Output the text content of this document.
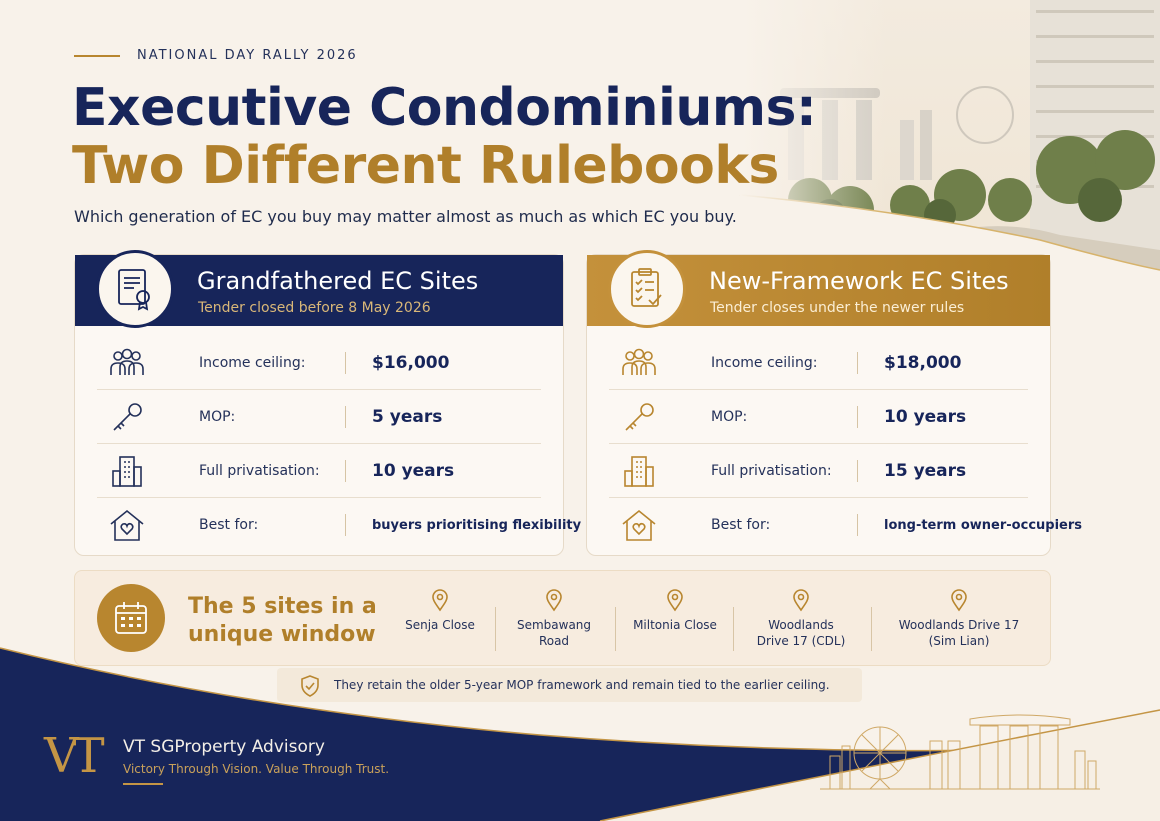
NATIONAL DAY RALLY 2026
Executive Condominiums:
Two Different Rulebooks
Which generation of EC you buy may matter almost as much as which EC you buy.
Grandfathered EC Sites
Tender closed before 8 May 2026
Income ceiling:	$16,000
MOP:	5 years
Full privatisation:	10 years
Best for:	buyers prioritising flexibility
New-Framework EC Sites
Tender closes under the newer rules
Income ceiling:	$18,000
MOP:	10 years
Full privatisation:	15 years
Best for:	long-term owner-occupiers
The 5 sites in a unique window	Senja Close	Sembawang
Road
Miltonia Close	Woodlands
Drive 17 (CDL)
Woodlands Drive 17
(Sim Lian)
They retain the older 5-year MOP framework and remain tied to the earlier ceiling.
VT VT SGProperty Advisory
Victory Through Vision. Value Through Trust.
